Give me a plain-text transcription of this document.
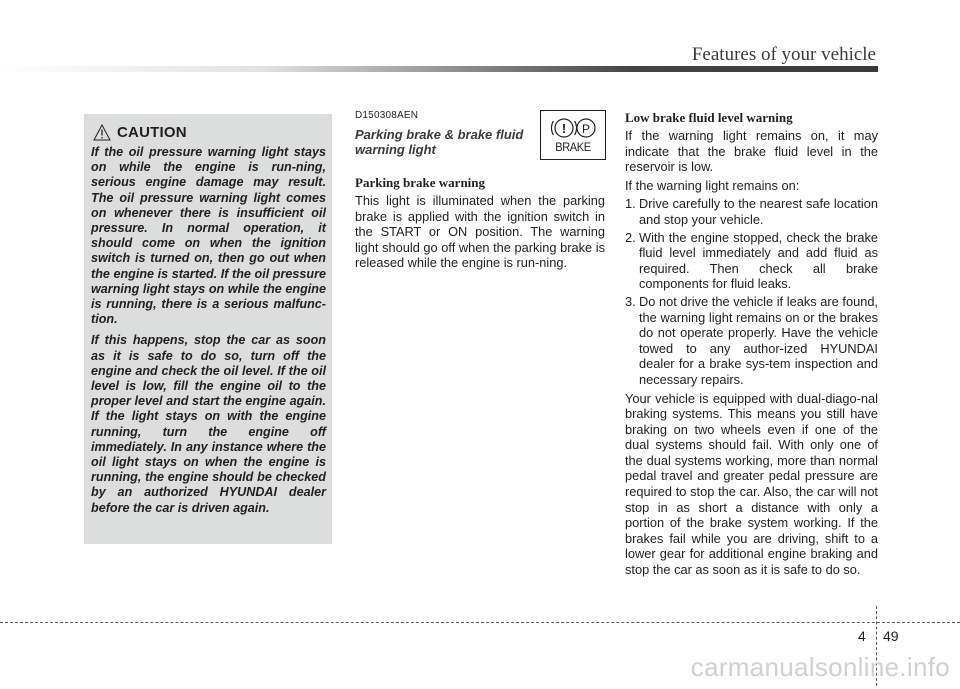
Features of your vehicle
CAUTION

If the oil pressure warning light stays on while the engine is run-ning, serious engine damage may result. The oil pressure warning light comes on whenever there is insufficient oil pressure. In normal operation, it should come on when the ignition switch is turned on, then go out when the engine is started. If the oil pressure warning light stays on while the engine is running, there is a serious malfunc-tion.

If this happens, stop the car as soon as it is safe to do so, turn off the engine and check the oil level. If the oil level is low, fill the engine oil to the proper level and start the engine again. If the light stays on with the engine running, turn the engine off immediately. In any instance where the oil light stays on when the engine is running, the engine should be checked by an authorized HYUNDAI dealer before the car is driven again.

D150308AEN
Parking brake & brake fluid warning light
Parking brake warning

This light is illuminated when the parking brake is applied with the ignition switch in the START or ON position. The warning light should go off when the parking brake is released while the engine is run-ning.

! P
BRAKE
Low brake fluid level warning

If the warning light remains on, it may indicate that the brake fluid level in the reservoir is low.

If the warning light remains on:

1. Drive carefully to the nearest safe location and stop your vehicle.
2. With the engine stopped, check the brake fluid level immediately and add fluid as required. Then check all brake components for fluid leaks.
3. Do not drive the vehicle if leaks are found, the warning light remains on or the brakes do not operate properly. Have the vehicle towed to any author-ized HYUNDAI dealer for a brake sys-tem inspection and necessary repairs.

Your vehicle is equipped with dual-diago-nal braking systems. This means you still have braking on two wheels even if one of the dual systems should fail. With only one of the dual systems working, more than normal pedal travel and greater pedal pressure are required to stop the car. Also, the car will not stop in as short a distance with only a portion of the brake system working. If the brakes fail while you are driving, shift to a lower gear for additional engine braking and stop the car as soon as it is safe to do so.

4 49
carmanualsonline.info
